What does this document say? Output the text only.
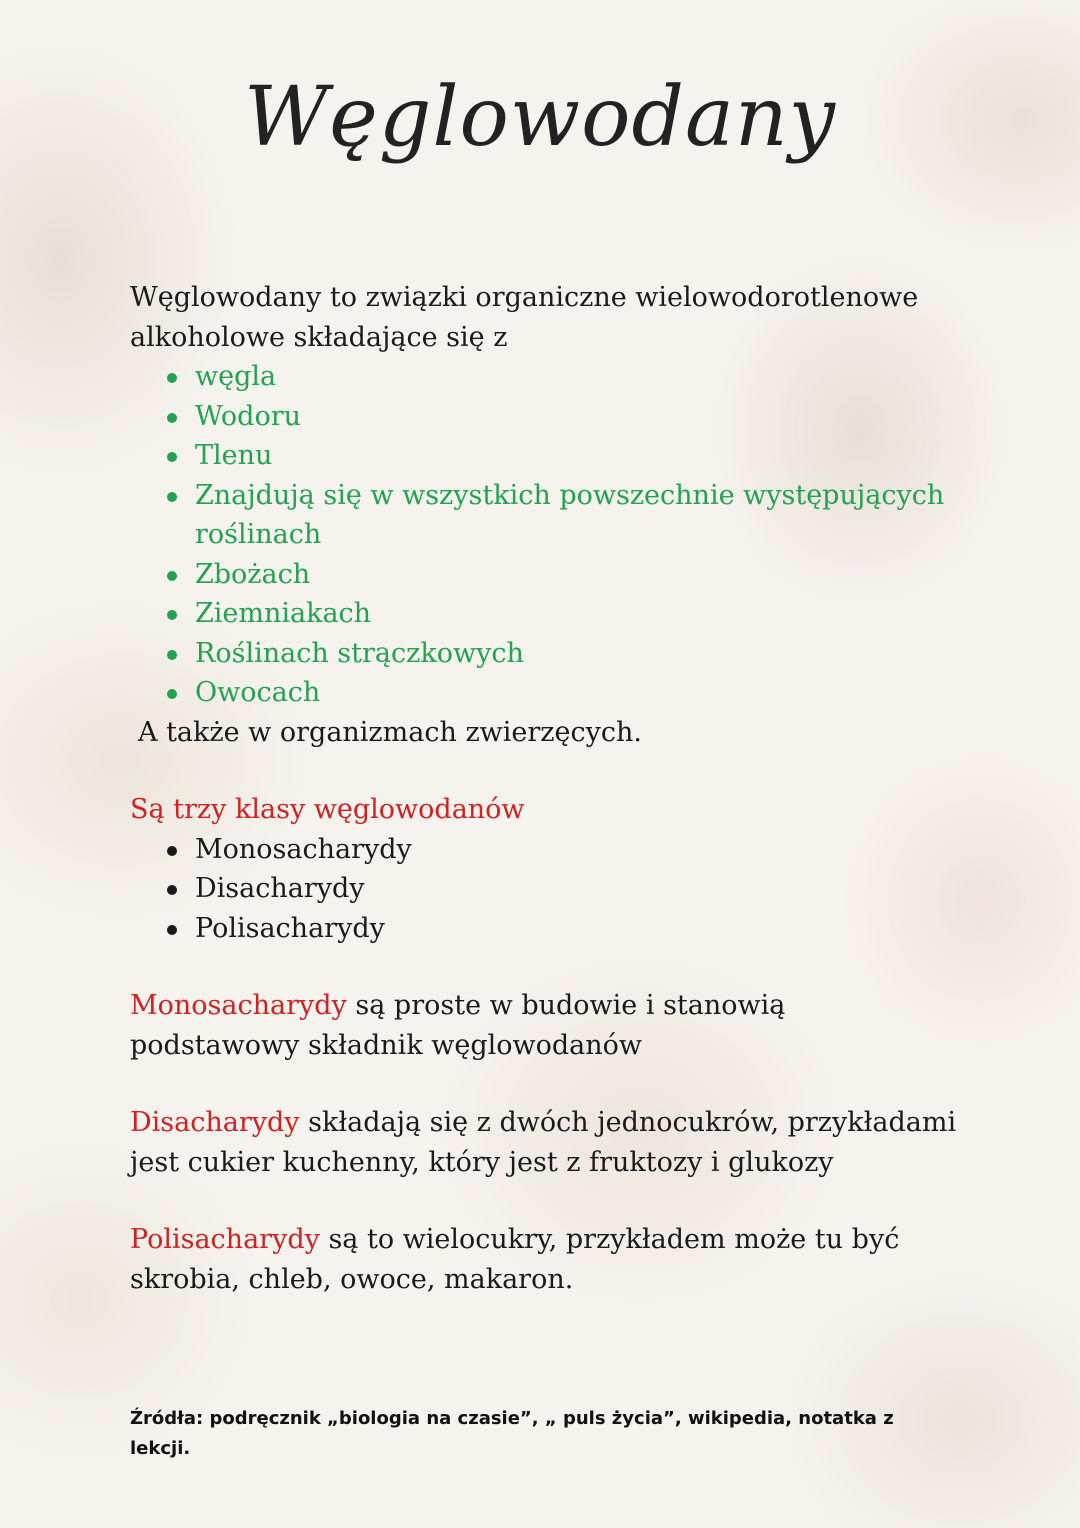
Węglowodany

Węglowodany to związki organiczne wielowodorotlenowe alkoholowe składające się z

węgla
Wodoru
Tlenu
Znajdują się w wszystkich powszechnie występujących roślinach
Zbożach
Ziemniakach
Roślinach strączkowych
Owocach

A także w organizmach zwierzęcych.

Są trzy klasy węglowodanów

Monosacharydy
Disacharydy
Polisacharydy

Monosacharydy są proste w budowie i stanowią podstawowy składnik węglowodanów

Disacharydy składają się z dwóch jednocukrów, przykładami jest cukier kuchenny, który jest z fruktozy i glukozy

Polisacharydy są to wielocukry, przykładem może tu być skrobia, chleb, owoce, makaron.

Źródła: podręcznik „biologia na czasie”, „ puls życia”, wikipedia, notatka z lekcji.
